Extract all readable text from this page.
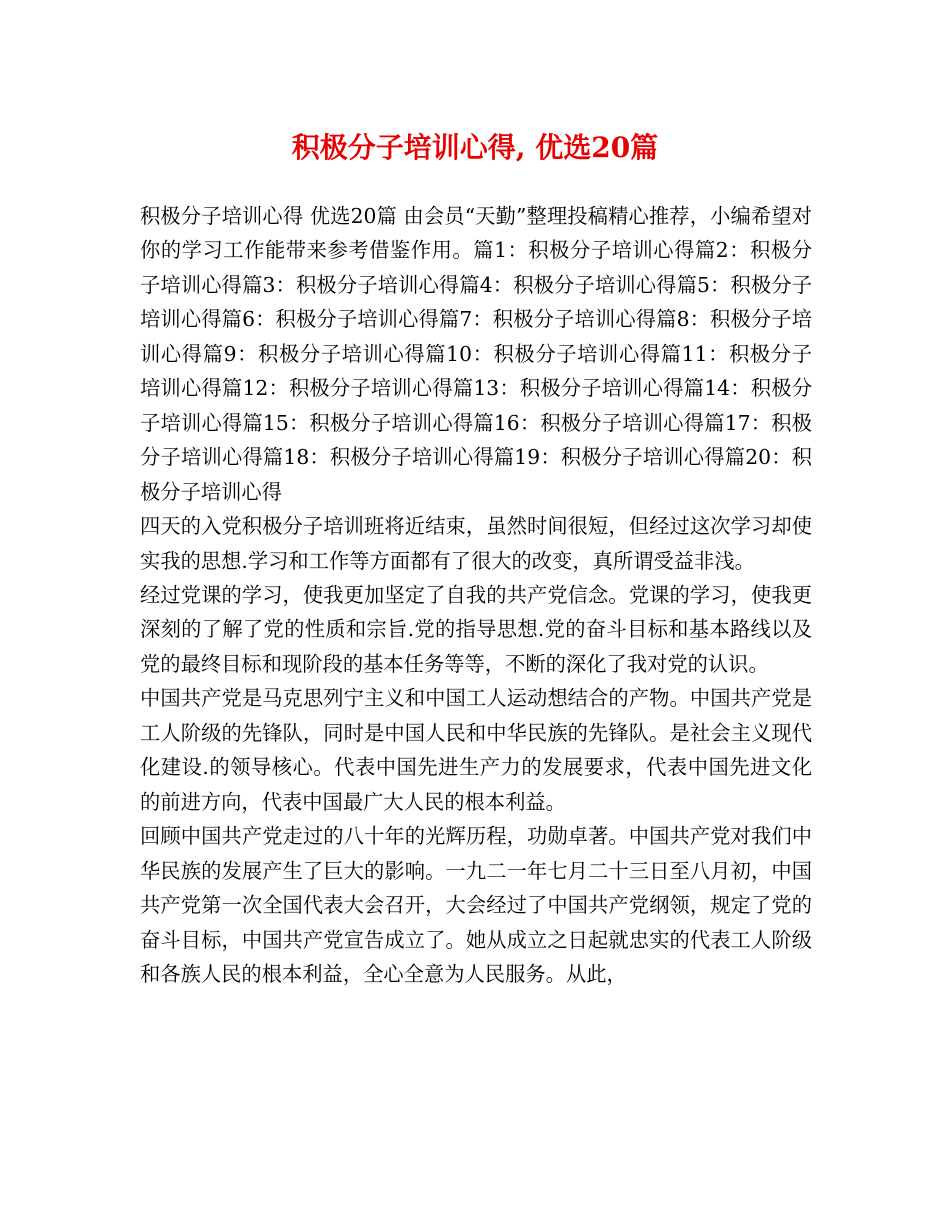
积极分子培训心得, 优选20篇

积极分子培训心得 优选20篇 由会员“天勤”整理投稿精心推荐，小编希望对你的学习工作能带来参考借鉴作用。篇1：积极分子培训心得篇2：积极分子培训心得篇3：积极分子培训心得篇4：积极分子培训心得篇5：积极分子培训心得篇6：积极分子培训心得篇7：积极分子培训心得篇8：积极分子培训心得篇9：积极分子培训心得篇10：积极分子培训心得篇11：积极分子培训心得篇12：积极分子培训心得篇13：积极分子培训心得篇14：积极分子培训心得篇15：积极分子培训心得篇16：积极分子培训心得篇17：积极分子培训心得篇18：积极分子培训心得篇19：积极分子培训心得篇20：积极分子培训心得

四天的入党积极分子培训班将近结束，虽然时间很短，但经过这次学习却使实我的思想.学习和工作等方面都有了很大的改变，真所谓受益非浅。

经过党课的学习，使我更加坚定了自我的共产党信念。党课的学习，使我更深刻的了解了党的性质和宗旨.党的指导思想.党的奋斗目标和基本路线以及党的最终目标和现阶段的基本任务等等，不断的深化了我对党的认识。

中国共产党是马克思列宁主义和中国工人运动想结合的产物。中国共产党是工人阶级的先锋队，同时是中国人民和中华民族的先锋队。是社会主义现代化建设.的领导核心。代表中国先进生产力的发展要求，代表中国先进文化的前进方向，代表中国最广大人民的根本利益。

回顾中国共产党走过的八十年的光辉历程，功勋卓著。中国共产党对我们中华民族的发展产生了巨大的影响。一九二一年七月二十三日至八月初，中国共产党第一次全国代表大会召开，大会经过了中国共产党纲领，规定了党的奋斗目标，中国共产党宣告成立了。她从成立之日起就忠实的代表工人阶级和各族人民的根本利益，全心全意为人民服务。从此，
